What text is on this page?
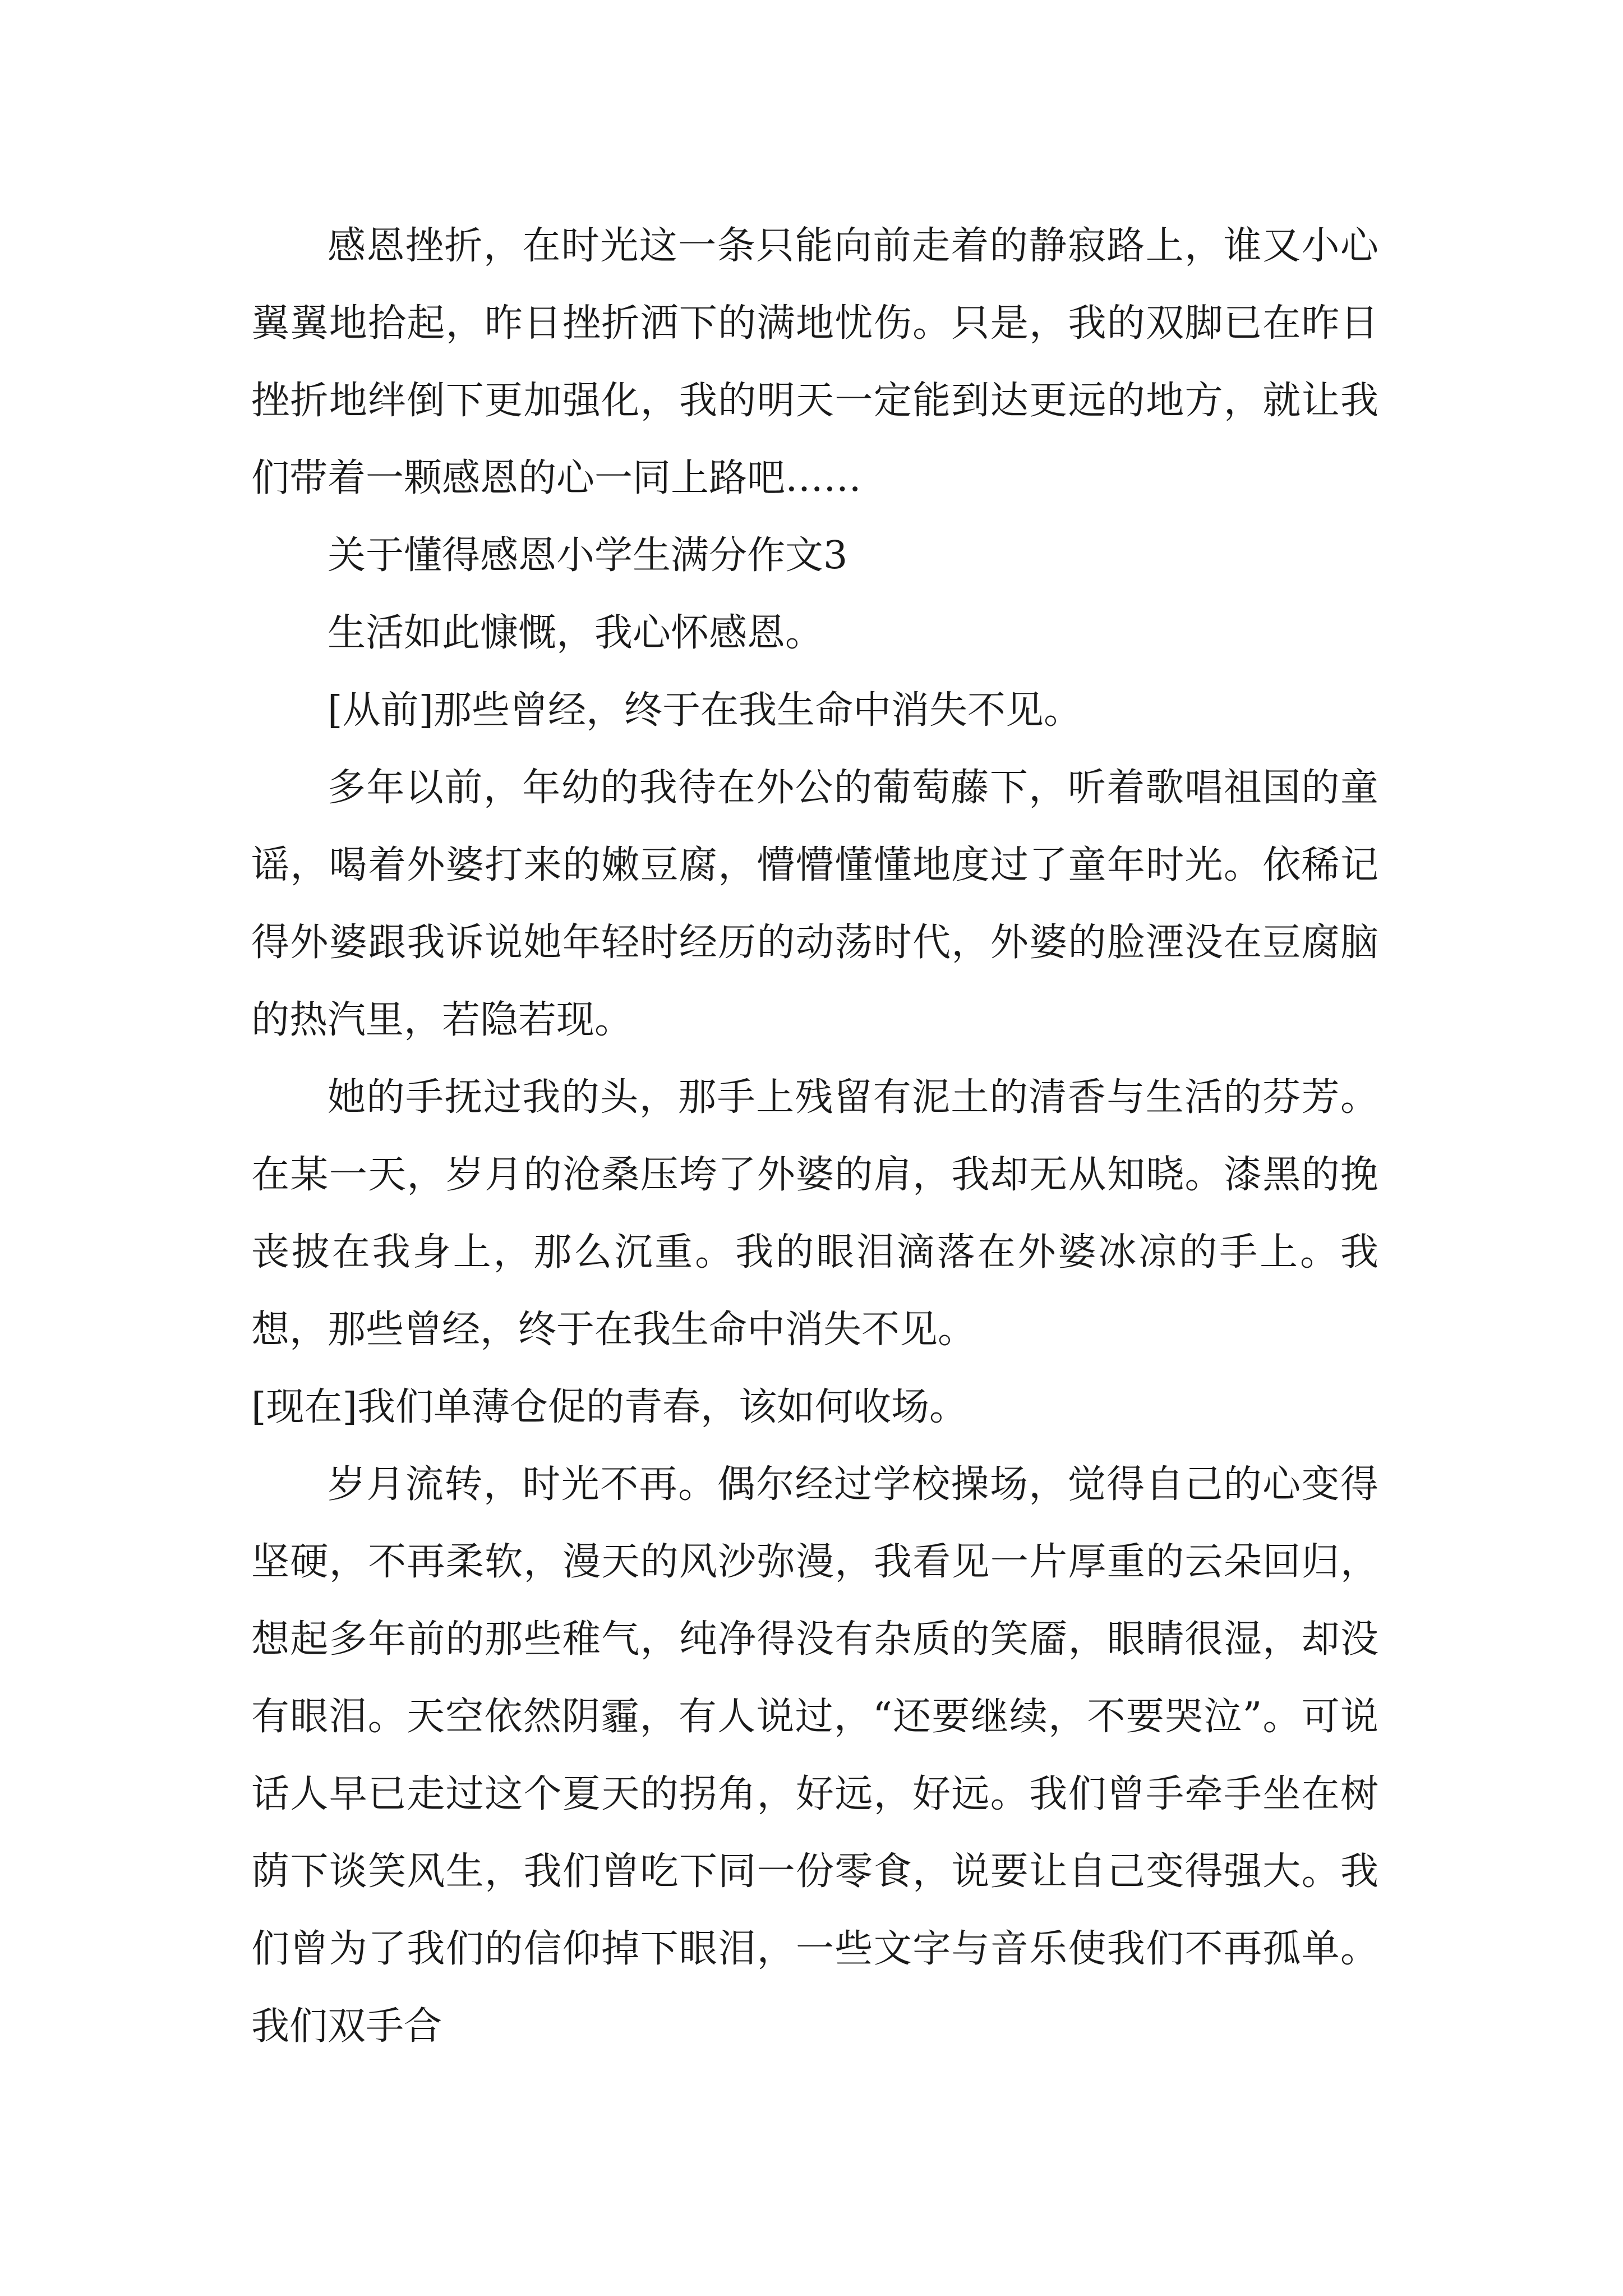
感恩挫折，在时光这一条只能向前走着的静寂路上，谁又小心翼翼地拾起，昨日挫折洒下的满地忧伤。只是，我的双脚已在昨日挫折地绊倒下更加强化，我的明天一定能到达更远的地方，就让我们带着一颗感恩的心一同上路吧……

关于懂得感恩小学生满分作文3

生活如此慷慨，我心怀感恩。

[从前]那些曾经，终于在我生命中消失不见。

多年以前，年幼的我待在外公的葡萄藤下，听着歌唱祖国的童谣，喝着外婆打来的嫩豆腐，懵懵懂懂地度过了童年时光。依稀记得外婆跟我诉说她年轻时经历的动荡时代，外婆的脸湮没在豆腐脑的热汽里，若隐若现。

她的手抚过我的头，那手上残留有泥土的清香与生活的芬芳。在某一天，岁月的沧桑压垮了外婆的肩，我却无从知晓。漆黑的挽丧披在我身上，那么沉重。我的眼泪滴落在外婆冰凉的手上。我想，那些曾经，终于在我生命中消失不见。

[现在]我们单薄仓促的青春，该如何收场。

岁月流转，时光不再。偶尔经过学校操场，觉得自己的心变得坚硬，不再柔软，漫天的风沙弥漫，我看见一片厚重的云朵回归，想起多年前的那些稚气，纯净得没有杂质的笑靥，眼睛很湿，却没有眼泪。天空依然阴霾，有人说过，“还要继续，不要哭泣”。可说话人早已走过这个夏天的拐角，好远，好远。我们曾手牵手坐在树荫下谈笑风生，我们曾吃下同一份零食，说要让自己变得强大。我们曾为了我们的信仰掉下眼泪，一些文字与音乐使我们不再孤单。我们双手合
